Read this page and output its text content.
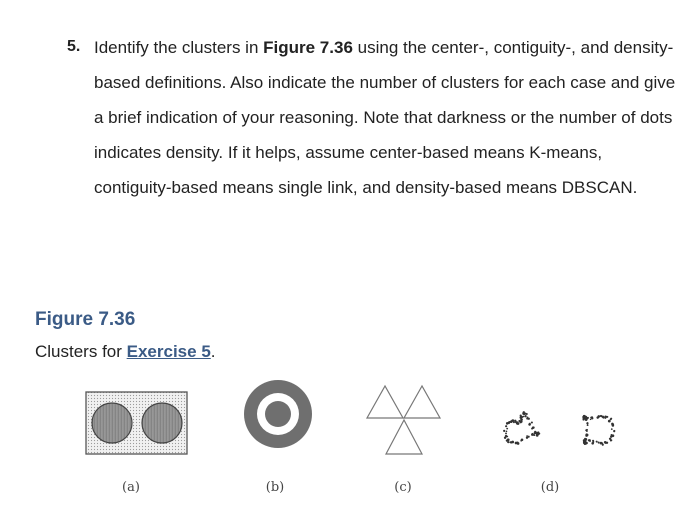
5. Identify the clusters in Figure 7.36 using the center-, contiguity-, and density-based definitions. Also indicate the number of clusters for each case and give a brief indication of your reasoning. Note that darkness or the number of dots indicates density. If it helps, assume center-based means K-means, contiguity-based means single link, and density-based means DBSCAN.
Figure 7.36
Clusters for Exercise 5.
(a)	(b)	(c)	(d)
